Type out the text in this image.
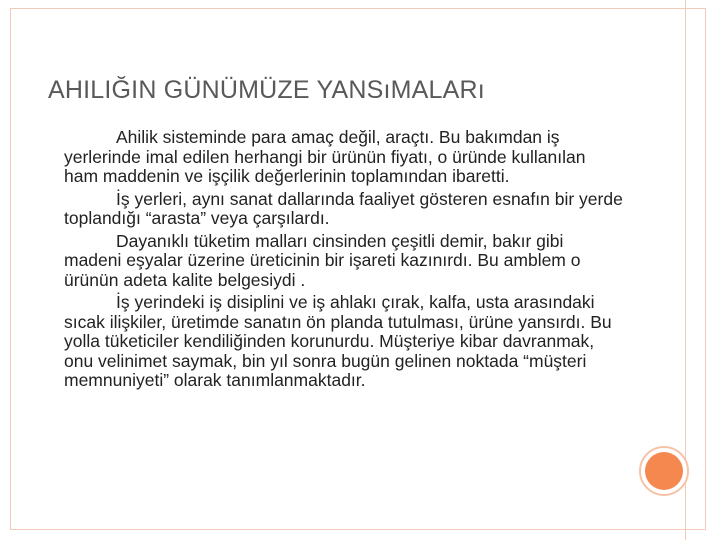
AHILIĞIN GÜNÜMÜZE YANSıMALARı

Ahilik sisteminde para amaç değil, araçtı. Bu bakımdan iş yerlerinde imal edilen herhangi bir ürünün fiyatı, o üründe kullanılan ham maddenin ve işçilik değerlerinin toplamından ibaretti.

İş yerleri, aynı sanat dallarında faaliyet gösteren esnafın bir yerde toplandığı “arasta” veya çarşılardı.

Dayanıklı tüketim malları cinsinden çeşitli demir, bakır gibi madeni eşyalar üzerine üreticinin bir işareti kazınırdı. Bu amblem o ürünün adeta kalite belgesiydi .

İş yerindeki iş disiplini ve iş ahlakı çırak, kalfa, usta arasındaki sıcak ilişkiler, üretimde sanatın ön planda tutulması, ürüne yansırdı. Bu yolla tüketiciler kendiliğinden korunurdu. Müşteriye kibar davranmak, onu velinimet saymak, bin yıl sonra bugün gelinen noktada “müşteri memnuniyeti” olarak tanımlanmaktadır.
